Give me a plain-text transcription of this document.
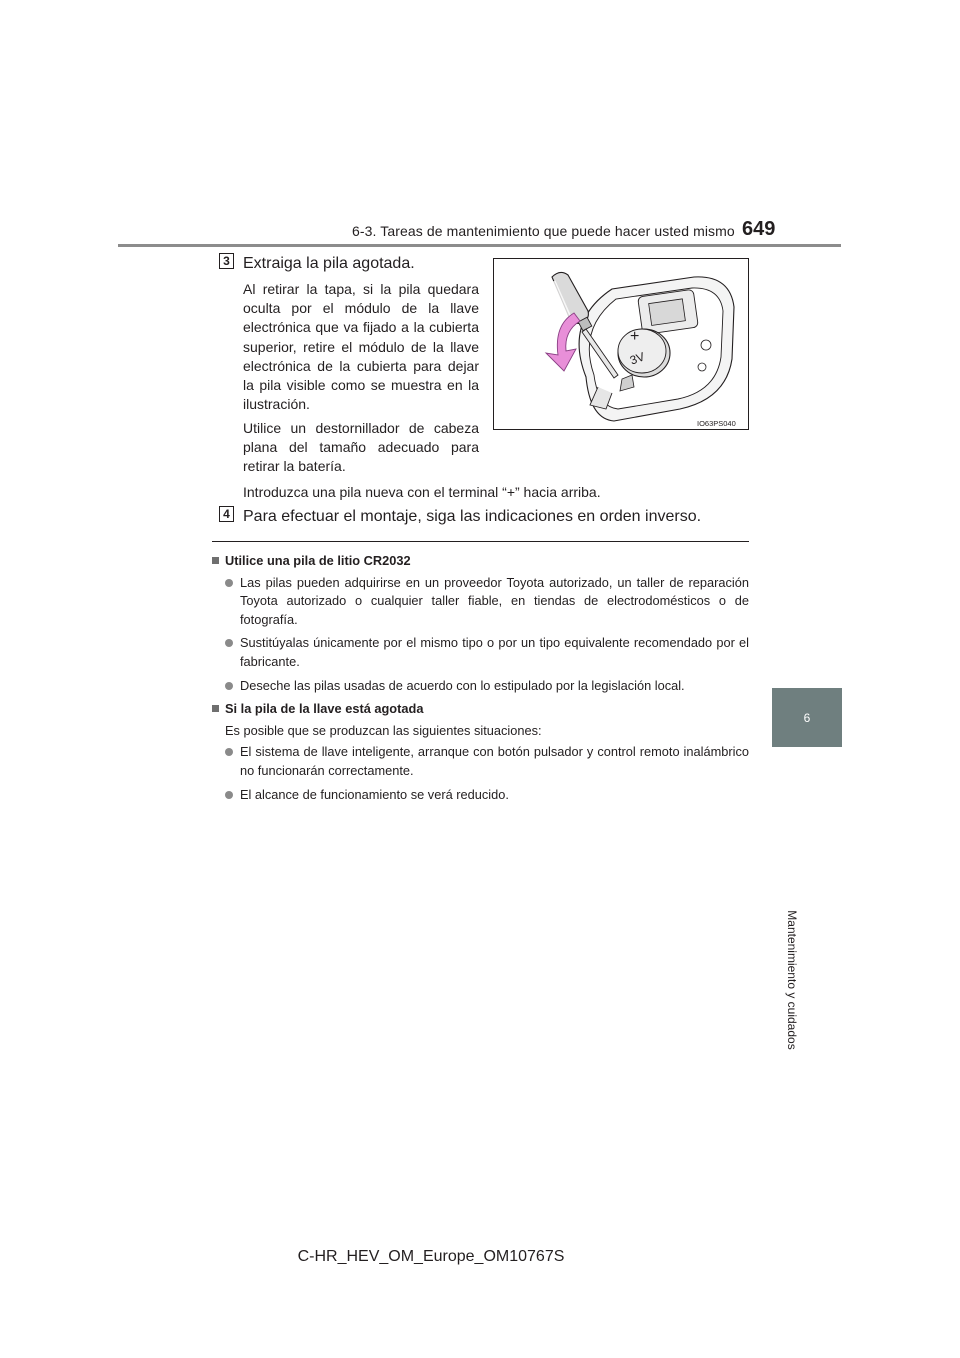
6-3. Tareas de mantenimiento que puede hacer usted mismo 649
6
Mantenimiento y cuidados
3 Extraiga la pila agotada.
Al retirar la tapa, si la pila quedara oculta por el módulo de la llave electrónica que va fijado a la cubierta superior, retire el módulo de la llave electrónica de la cubierta para dejar la pila visible como se muestra en la ilustración.
Utilice un destornillador de cabeza plana del tamaño adecuado para retirar la batería.
Introduzca una pila nueva con el terminal “+” hacia arriba.
+
3V
IO63PS040
4 Para efectuar el montaje, siga las indicaciones en orden inverso.
Utilice una pila de litio CR2032
Las pilas pueden adquirirse en un proveedor Toyota autorizado, un taller de reparación Toyota autorizado o cualquier taller fiable, en tiendas de electrodomésticos o de fotografía.
Sustitúyalas únicamente por el mismo tipo o por un tipo equivalente recomendado por el fabricante.
Deseche las pilas usadas de acuerdo con lo estipulado por la legislación local.
Si la pila de la llave está agotada
Es posible que se produzcan las siguientes situaciones:
El sistema de llave inteligente, arranque con botón pulsador y control remoto inalámbrico no funcionarán correctamente.
El alcance de funcionamiento se verá reducido.
C-HR_HEV_OM_Europe_OM10767S
